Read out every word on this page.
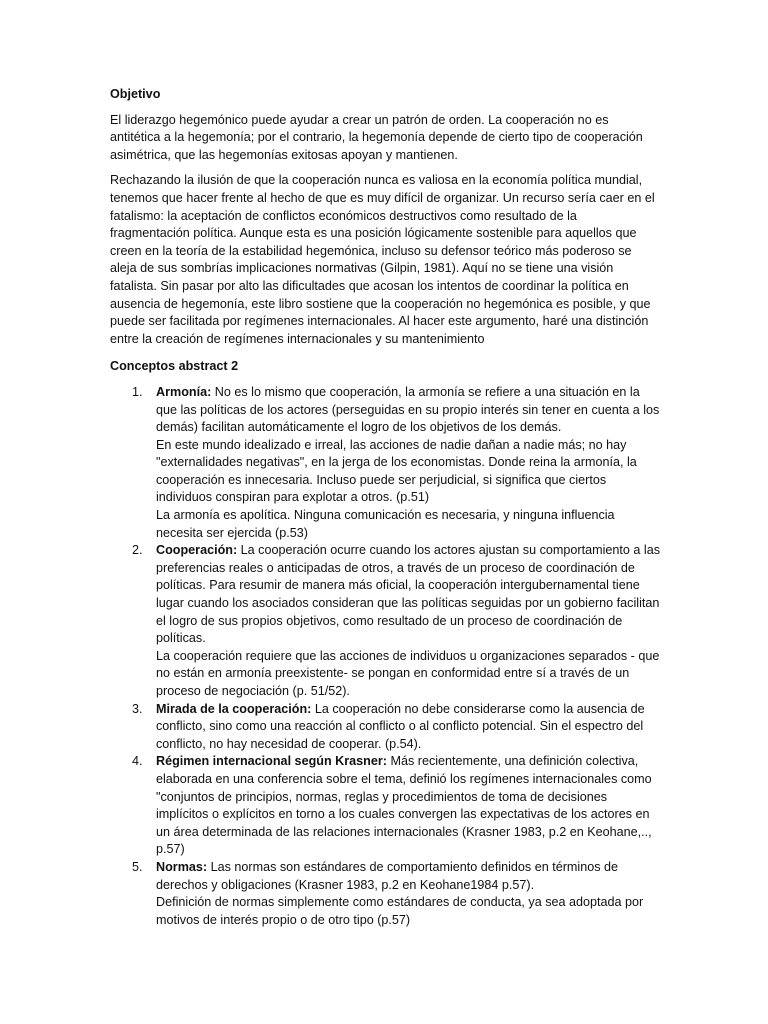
Objetivo
El liderazgo hegemónico puede ayudar a crear un patrón de orden. La cooperación no es antitética a la hegemonía; por el contrario, la hegemonía depende de cierto tipo de cooperación asimétrica, que las hegemonías exitosas apoyan y mantienen.
Rechazando la ilusión de que la cooperación nunca es valiosa en la economía política mundial, tenemos que hacer frente al hecho de que es muy difícil de organizar. Un recurso sería caer en el fatalismo: la aceptación de conflictos económicos destructivos como resultado de la fragmentación política. Aunque esta es una posición lógicamente sostenible para aquellos que creen en la teoría de la estabilidad hegemónica, incluso su defensor teórico más poderoso se aleja de sus sombrías implicaciones normativas (Gilpin, 1981). Aquí no se tiene una visión fatalista. Sin pasar por alto las dificultades que acosan los intentos de coordinar la política en ausencia de hegemonía, este libro sostiene que la cooperación no hegemónica es posible, y que puede ser facilitada por regímenes internacionales. Al hacer este argumento, haré una distinción entre la creación de regímenes internacionales y su mantenimiento
Conceptos abstract 2
1. Armonía: No es lo mismo que cooperación, la armonía se refiere a una situación en la que las políticas de los actores (perseguidas en su propio interés sin tener en cuenta a los demás) facilitan automáticamente el logro de los objetivos de los demás.
En este mundo idealizado e irreal, las acciones de nadie dañan a nadie más; no hay "externalidades negativas", en la jerga de los economistas. Donde reina la armonía, la cooperación es innecesaria. Incluso puede ser perjudicial, si significa que ciertos individuos conspiran para explotar a otros. (p.51)
La armonía es apolítica. Ninguna comunicación es necesaria, y ninguna influencia necesita ser ejercida (p.53)
2. Cooperación: La cooperación ocurre cuando los actores ajustan su comportamiento a las preferencias reales o anticipadas de otros, a través de un proceso de coordinación de políticas. Para resumir de manera más oficial, la cooperación intergubernamental tiene lugar cuando los asociados consideran que las políticas seguidas por un gobierno facilitan el logro de sus propios objetivos, como resultado de un proceso de coordinación de políticas.
La cooperación requiere que las acciones de individuos u organizaciones separados - que no están en armonía preexistente- se pongan en conformidad entre sí a través de un proceso de negociación (p. 51/52).
3. Mirada de la cooperación: La cooperación no debe considerarse como la ausencia de conflicto, sino como una reacción al conflicto o al conflicto potencial. Sin el espectro del conflicto, no hay necesidad de cooperar. (p.54).
4. Régimen internacional según Krasner: Más recientemente, una definición colectiva, elaborada en una conferencia sobre el tema, definió los regímenes internacionales como "conjuntos de principios, normas, reglas y procedimientos de toma de decisiones implícitos o explícitos en torno a los cuales convergen las expectativas de los actores en un área determinada de las relaciones internacionales (Krasner 1983, p.2 en Keohane,.., p.57)
5. Normas: Las normas son estándares de comportamiento definidos en términos de derechos y obligaciones (Krasner 1983, p.2 en Keohane1984 p.57).
Definición de normas simplemente como estándares de conducta, ya sea adoptada por motivos de interés propio o de otro tipo (p.57)
